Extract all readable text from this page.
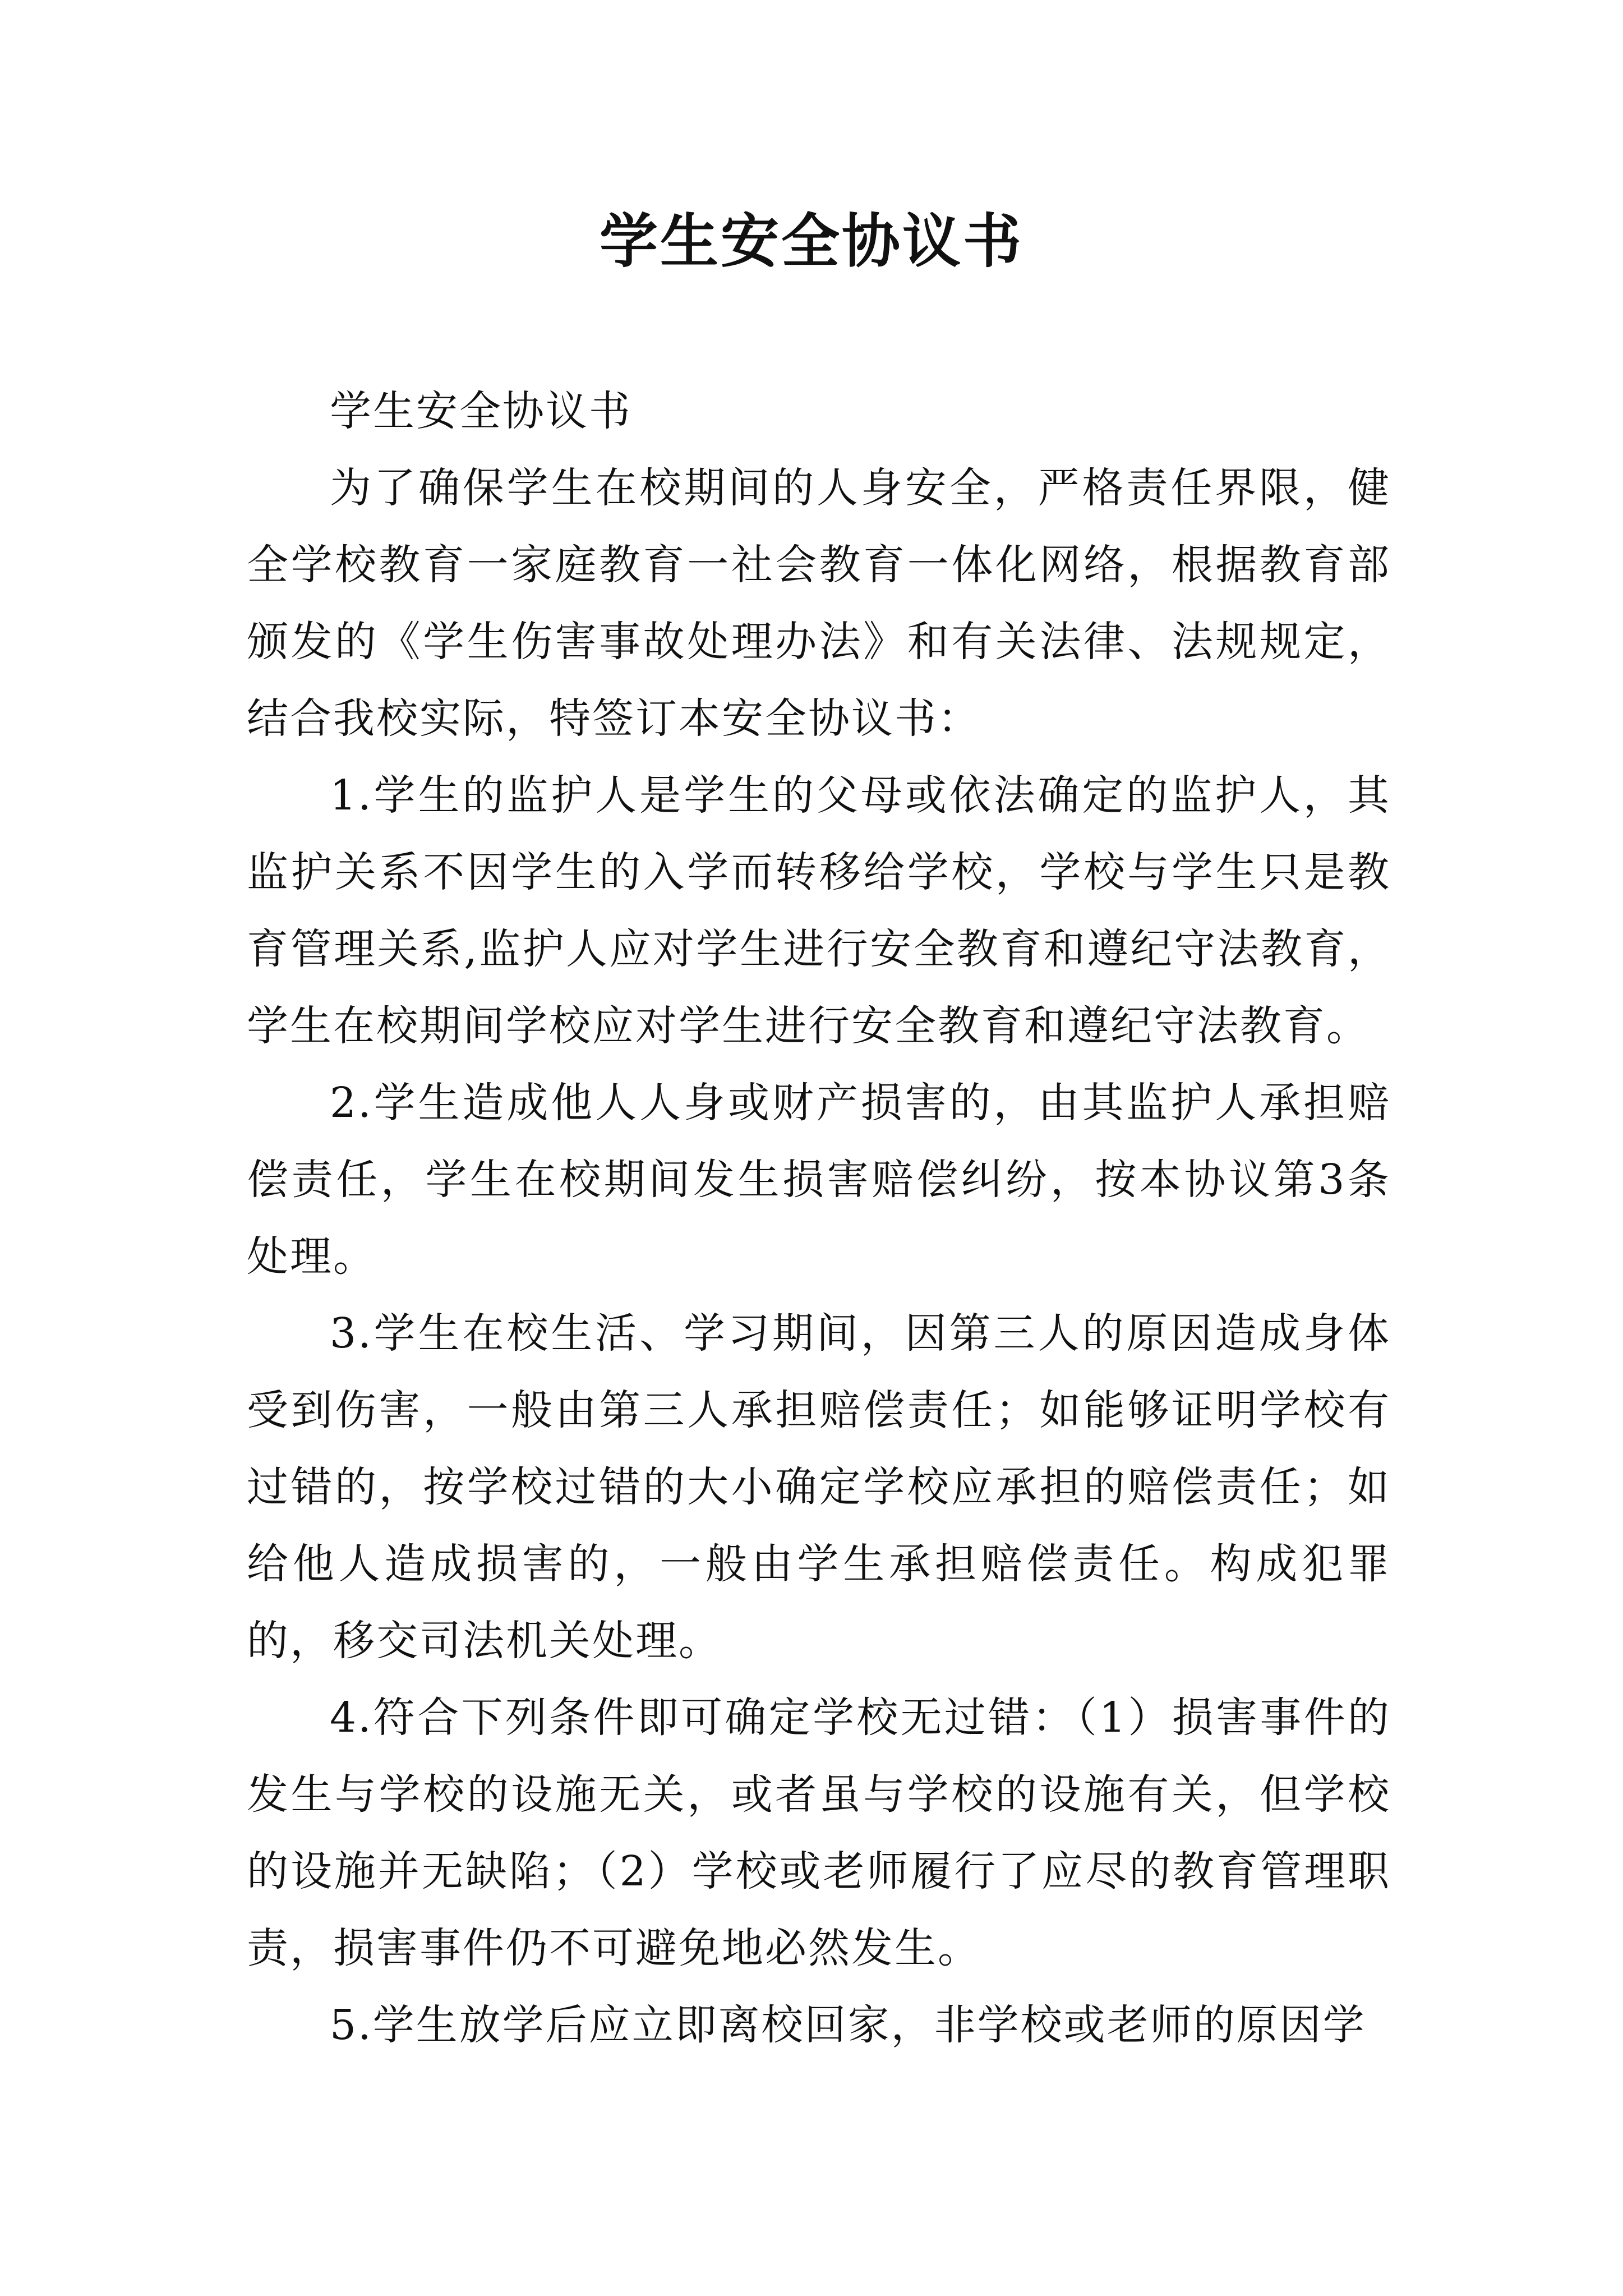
学生安全协议书

学生安全协议书

为了确保学生在校期间的人身安全，严格责任界限，健全学校教育一家庭教育一社会教育一体化网络，根据教育部颁发的《学生伤害事故处理办法》和有关法律、法规规定，结合我校实际，特签订本安全协议书：

1.学生的监护人是学生的父母或依法确定的监护人，其监护关系不因学生的入学而转移给学校，学校与学生只是教育管理关系,监护人应对学生进行安全教育和遵纪守法教育，学生在校期间学校应对学生进行安全教育和遵纪守法教育。

2.学生造成他人人身或财产损害的，由其监护人承担赔偿责任，学生在校期间发生损害赔偿纠纷，按本协议第3条处理。

3.学生在校生活、学习期间，因第三人的原因造成身体受到伤害，一般由第三人承担赔偿责任；如能够证明学校有过错的，按学校过错的大小确定学校应承担的赔偿责任；如给他人造成损害的，一般由学生承担赔偿责任。构成犯罪的，移交司法机关处理。

4.符合下列条件即可确定学校无过错：（1）损害事件的发生与学校的设施无关，或者虽与学校的设施有关，但学校的设施并无缺陷；（2）学校或老师履行了应尽的教育管理职责，损害事件仍不可避免地必然发生。

5.学生放学后应立即离校回家，非学校或老师的原因学
